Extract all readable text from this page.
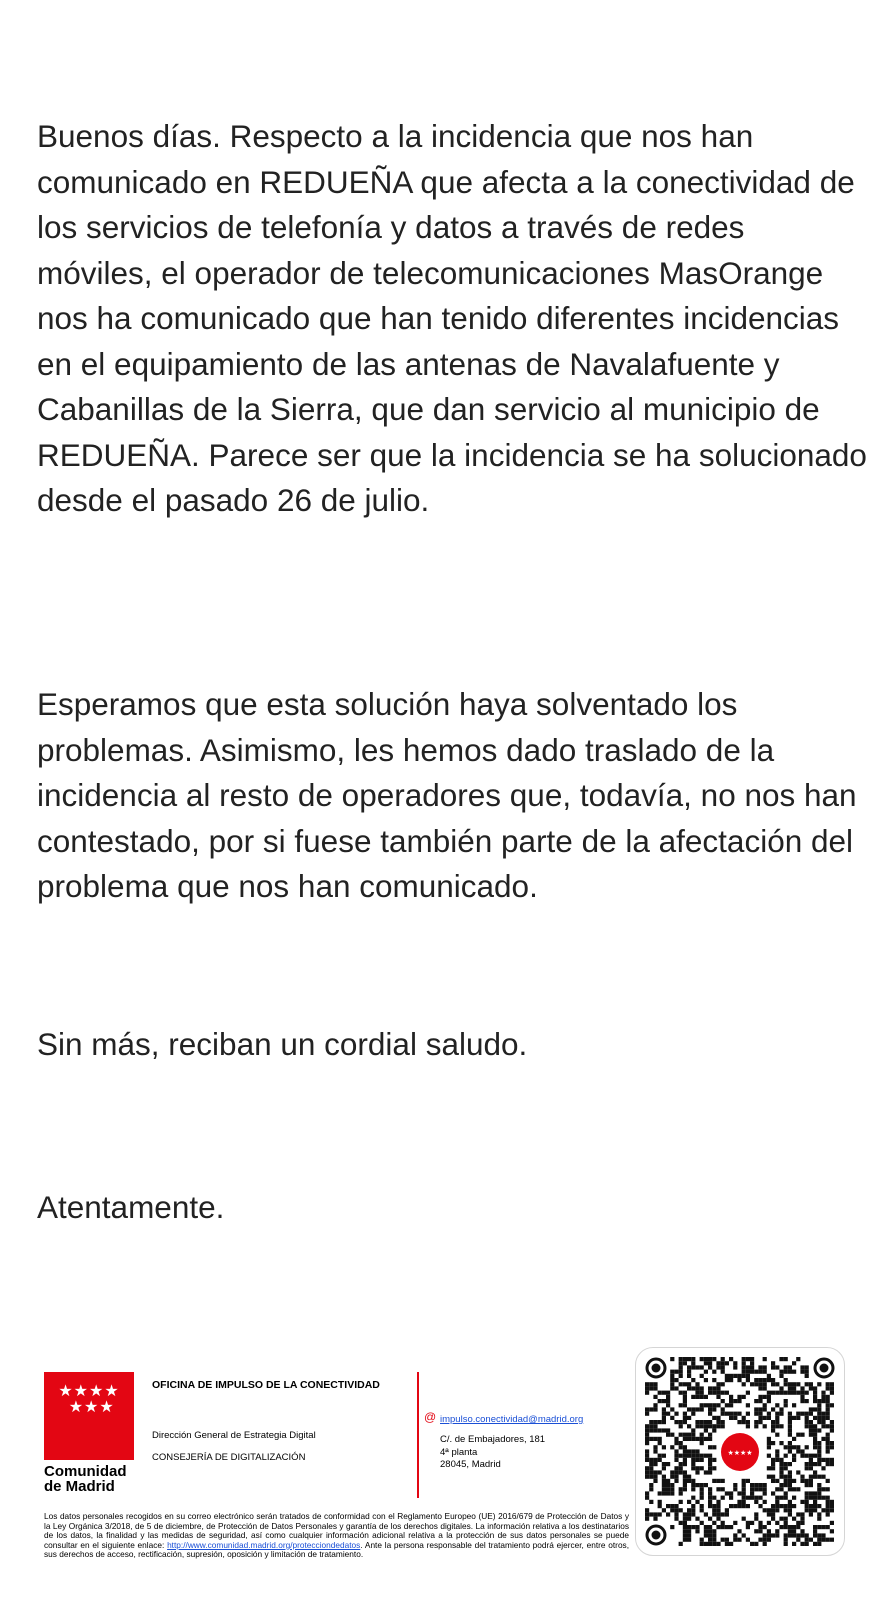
Buenos días. Respecto a la incidencia que nos han comunicado en REDUEÑA que afecta a la conectividad de los servicios de telefonía y datos a través de redes móviles, el operador de telecomunicaciones MasOrange nos ha comunicado que han tenido diferentes incidencias en el equipamiento de las antenas de Navalafuente y Cabanillas de la Sierra, que dan servicio al municipio de REDUEÑA. Parece ser que la incidencia se ha solucionado desde el pasado 26 de julio.

Esperamos que esta solución haya solventado los problemas. Asimismo, les hemos dado traslado de la incidencia al resto de operadores que, todavía, no nos han contestado, por si fuese también parte de la afectación del problema que nos han comunicado.

Sin más, reciban un cordial saludo.

Atentamente.

★★★★
★★★
Comunidad
de Madrid
OFICINA DE IMPULSO DE LA CONECTIVIDAD
Dirección General de Estrategia Digital
CONSEJERÍA DE DIGITALIZACIÓN
@ impulso.conectividad@madrid.org
C/. de Embajadores, 181
4ª planta
28045, Madrid
Los datos personales recogidos en su correo electrónico serán tratados de conformidad con el Reglamento Europeo (UE) 2016/679 de Protección de Datos y la Ley Orgánica 3/2018, de 5 de diciembre, de Protección de Datos Personales y garantía de los derechos digitales. La información relativa a los destinatarios de los datos, la finalidad y las medidas de seguridad, así como cualquier información adicional relativa a la protección de sus datos personales se puede consultar en el siguiente enlace: http://www.comunidad.madrid.org/protecciondedatos. Ante la persona responsable del tratamiento podrá ejercer, entre otros, sus derechos de acceso, rectificación, supresión, oposición y limitación de tratamiento.
★★★★
